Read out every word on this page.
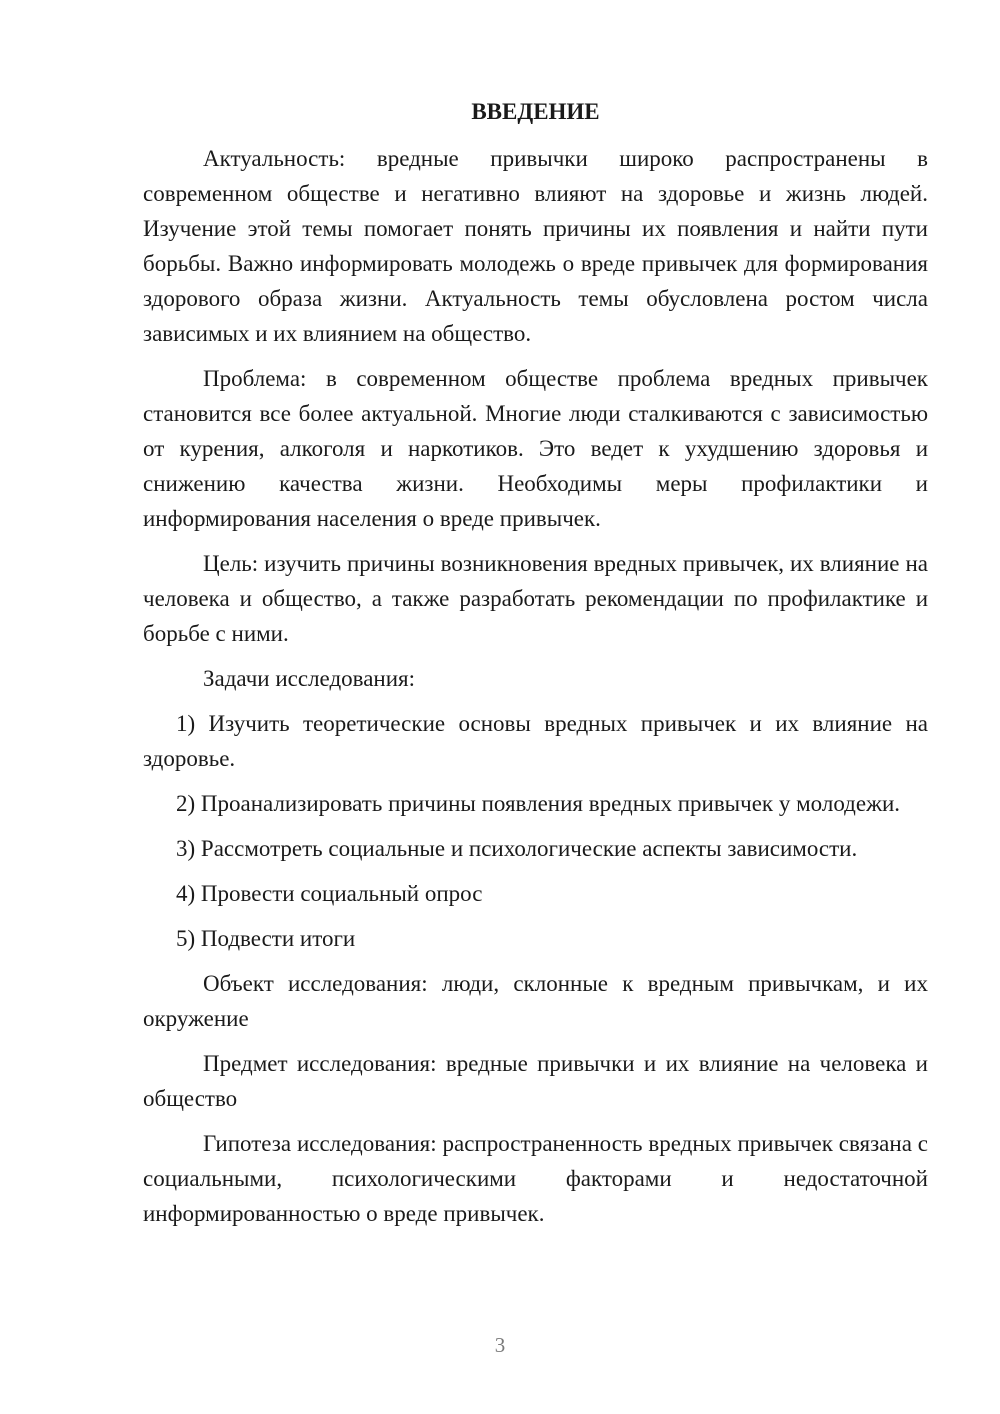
ВВЕДЕНИЕ

Актуальность: вредные привычки широко распространены в современном обществе и негативно влияют на здоровье и жизнь людей. Изучение этой темы помогает понять причины их появления и найти пути борьбы. Важно информировать молодежь о вреде привычек для формирования здорового образа жизни. Актуальность темы обусловлена ростом числа зависимых и их влиянием на общество.

Проблема: в современном обществе проблема вредных привычек становится все более актуальной. Многие люди сталкиваются с зависимостью от курения, алкоголя и наркотиков. Это ведет к ухудшению здоровья и снижению качества жизни. Необходимы меры профилактики и информирования населения о вреде привычек.

Цель: изучить причины возникновения вредных привычек, их влияние на человека и общество, а также разработать рекомендации по профилактике и борьбе с ними.

Задачи исследования:

1) Изучить теоретические основы вредных привычек и их влияние на здоровье.

2) Проанализировать причины появления вредных привычек у молодежи.

3) Рассмотреть социальные и психологические аспекты зависимости.

4) Провести социальный опрос

5) Подвести итоги

Объект исследования: люди, склонные к вредным привычкам, и их окружение

Предмет исследования: вредные привычки и их влияние на человека и общество

Гипотеза исследования: распространенность вредных привычек связана с социальными, психологическими факторами и недостаточной информированностью о вреде привычек.

3
